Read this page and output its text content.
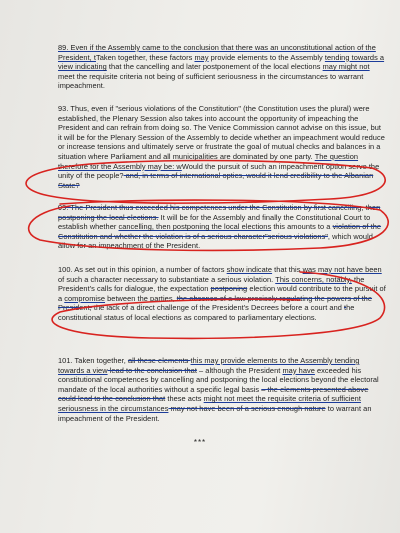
89. Even if the Assembly came to the conclusion that there was an unconstitutional action of the President, tTaken together, these factors may provide elements to the Assembly tending towards a view indicating that the cancelling and later postponement of the local elections may might not meet the requisite criteria not being of sufficient seriousness in the circumstances to warrant impeachment.

93. Thus, even if "serious violations of the Constitution" (the Constitution uses the plural) were established, the Plenary Session also takes into account the opportunity of impeaching the President and can refrain from doing so. The Venice Commission cannot advise on this issue, but it will be for the Plenary Session of the Assembly to decide whether an impeachment would reduce or increase tensions and ultimately serve or frustrate the goal of mutual checks and balances in a situation where Parliament and all municipalities are dominated by one party. The question therefore for the Assembly may be: wWould the pursuit of such an impeachment option serve the unity of the people? and, in terms of international optics, would it lend credibility to the Albanian State?

99. The President thus exceeded his competences under the Constitution by first cancelling, then postponing the local elections. It will be for the Assembly and finally the Constitutional Court to establish whether cancelling, then postponing the local elections this amounts to a violation of the Constitution and whether the violation is of a serious character"serious violations", which would allow for an impeachment of the President.

100. As set out in this opinion, a number of factors show indicate that this was may not have been of such a character necessary to substantiate a serious violation. This concerns, notably, the President's calls for dialogue, the expectation postponing election would contribute to the pursuit of a compromise between the parties, the absence of a law precisely regulating the powers of the President, the lack of a direct challenge of the President's Decrees before a court and the constitutional status of local elections as compared to parliamentary elections.

101. Taken together, all these elements this may provide elements to the Assembly tending towards a view lead to the conclusion that – although the President may have exceeded his constitutional competences by cancelling and postponing the local elections beyond the electoral mandate of the local authorities without a specific legal basis – the elements presented above could lead to the conclusion that these acts might not meet the requisite criteria of sufficient seriousness in the circumstances may not have been of a serious enough nature to warrant an impeachment of the President.

***
